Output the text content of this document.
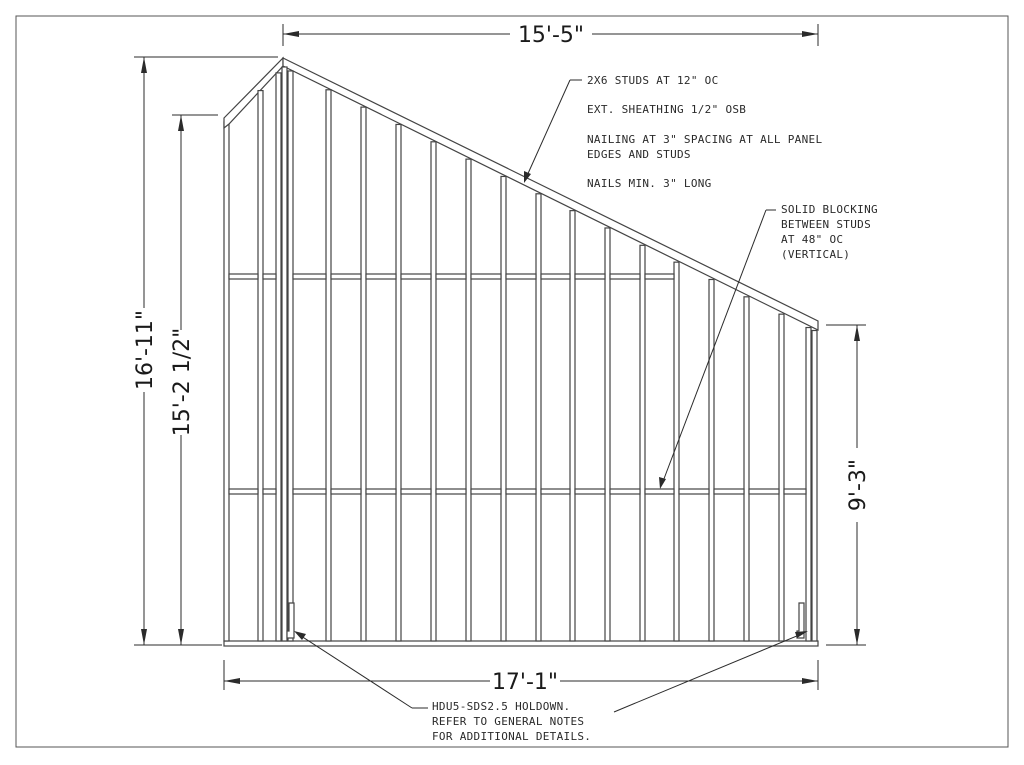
15'-5"
17'-1"
16'-11" 15'-2 1/2"
9'-3"
2X6 STUDS AT 12" OC
EXT. SHEATHING 1/2" OSB
NAILING AT 3" SPACING AT ALL PANEL
EDGES AND STUDS
NAILS MIN. 3" LONG
SOLID BLOCKING
BETWEEN STUDS
AT 48" OC
(VERTICAL)
HDU5-SDS2.5 HOLDOWN.
REFER TO GENERAL NOTES
FOR ADDITIONAL DETAILS.
